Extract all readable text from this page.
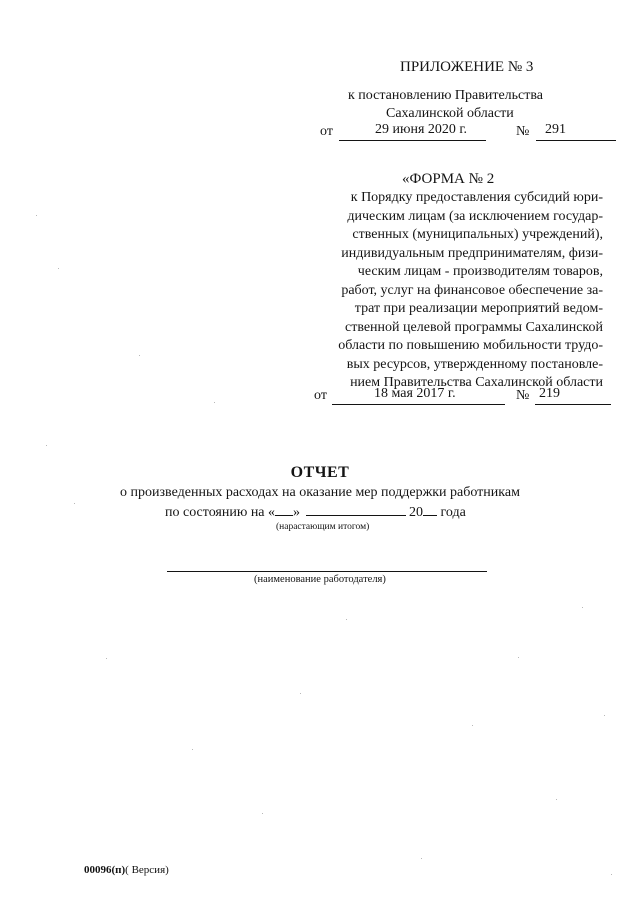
ПРИЛОЖЕНИЕ № 3
к постановлению Правительства
Сахалинской области
от	29 июня 2020 г.	№ 291
«ФОРМА № 2
к Порядку предоставления субсидий юри-
дическим лицам (за исключением государ-
ственных (муниципальных) учреждений),
индивидуальным предпринимателям, физи-
ческим лицам - производителям товаров,
работ, услуг на финансовое обеспечение за-
трат при реализации мероприятий ведом-
ственной целевой программы Сахалинской
области по повышению мобильности трудо-
вых ресурсов, утвержденному постановле-
нием Правительства Сахалинской области
от	18 мая 2017 г.	№ 219
ОТЧЕТ
о произведенных расходах на оказание мер поддержки работникам
по состоянию на « »	20 года
(нарастающим итогом)
(наименование работодателя)
00096(п)( Версия)
